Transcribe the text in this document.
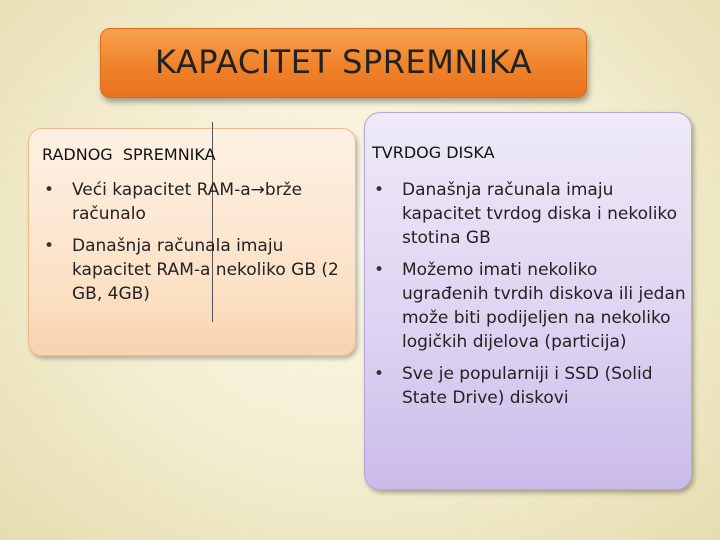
KAPACITET SPREMNIKA
RADNOG  SPREMNIKA	TVRDOG DISKA
• Veći kapacitet RAM-a→brže računalo
• Današnja računala imaju kapacitet RAM-a nekoliko GB (2 GB, 4GB)
• Današnja računala imaju kapacitet tvrdog diska i nekoliko stotina GB
• Možemo imati nekoliko ugrađenih tvrdih diskova ili jedan može biti podijeljen na nekoliko logičkih dijelova (particija)
• Sve je popularniji i SSD (Solid State Drive) diskovi
